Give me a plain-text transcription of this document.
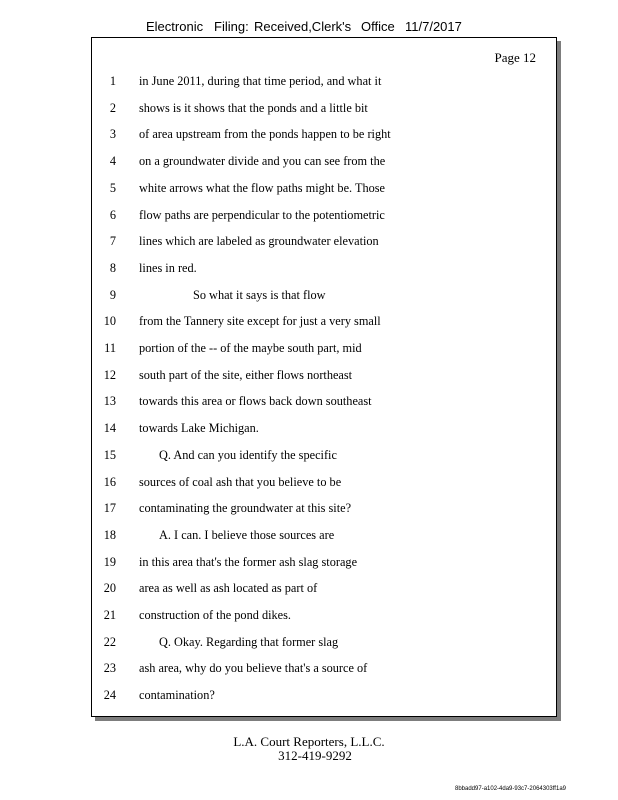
Electronic Filing: Received,Clerk's Office 11/7/2017
Page 12
1 in June 2011, during that time period, and what it
2 shows is it shows that the ponds and a little bit
3 of area upstream from the ponds happen to be right
4 on a groundwater divide and you can see from the
5 white arrows what the flow paths might be. Those
6 flow paths are perpendicular to the potentiometric
7 lines which are labeled as groundwater elevation
8 lines in red.
9	So what it says is that flow
10 from the Tannery site except for just a very small
11 portion of the -- of the maybe south part, mid
12 south part of the site, either flows northeast
13 towards this area or flows back down southeast
14 towards Lake Michigan.
15	Q. And can you identify the specific
16 sources of coal ash that you believe to be
17 contaminating the groundwater at this site?
18	A. I can. I believe those sources are
19 in this area that's the former ash slag storage
20 area as well as ash located as part of
21 construction of the pond dikes.
22	Q. Okay. Regarding that former slag
23 ash area, why do you believe that's a source of
24 contamination?
L.A. Court Reporters, L.L.C.
312-419-9292
8bbadd97-a102-4da9-93c7-2064303ff1a9
